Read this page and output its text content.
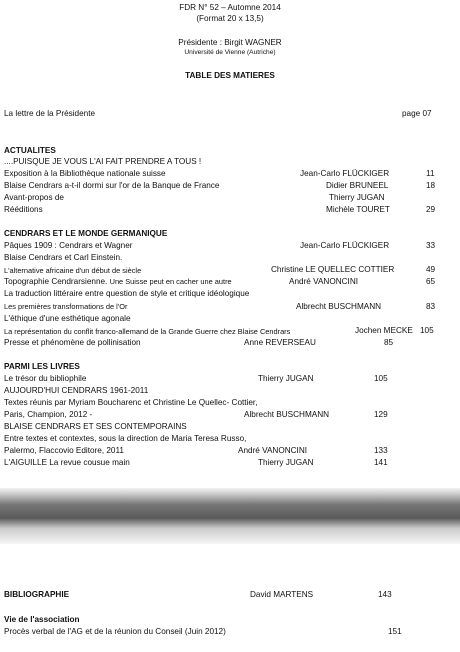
FDR N° 52 – Automne 2014
(Format 20 x 13,5)
Présidente : Birgit WAGNER
Université de Vienne (Autriche)
TABLE DES MATIERES
La lettre de la Présidente	page 07
ACTUALITES
....PUISQUE JE VOUS L'AI FAIT PRENDRE A TOUS !
Exposition à la Bibliothèque nationale suisse	Jean-Carlo FLÜCKIGER	11
Blaise Cendrars a-t-il dormi sur l'or de la Banque de France	Didier BRUNEEL	18
Avant-propos de	Thierry JUGAN
Rééditions	Michèle TOURET	29
CENDRARS ET LE MONDE GERMANIQUE
Pâques 1909 : Cendrars et Wagner	Jean-Carlo FLÜCKIGER	33
Blaise Cendrars et Carl Einstein.
L'alternative africaine d'un début de siècle	Christine LE QUELLEC COTTIER	49
Topographie Cendrarsienne. Une Suisse peut en cacher une autre	André VANONCINI	65
La traduction littéraire entre question de style et critique idéologique
Les premières transformations de l'Or	Albrecht BUSCHMANN	83
L'éthique d'une esthétique agonale
La représentation du conflit franco-allemand de la Grande Guerre chez Blaise Cendrars	Jochen MECKE 105
Presse et phénomène de pollinisation	Anne REVERSEAU	85
PARMI LES LIVRES
Le trésor du bibliophile	Thierry JUGAN	105
AUJOURD'HUI CENDRARS 1961-2011
Textes réunis par Myriam Boucharenc et Christine Le Quellec- Cottier,
Paris, Champion, 2012 -	Albrecht BUSCHMANN	129
BLAISE CENDRARS ET SES CONTEMPORAINS
Entre textes et contextes, sous la direction de Maria Teresa Russo,
Palermo, Flaccovio Editore, 2011	André VANONCINI	133
L'AIGUILLE La revue cousue main	Thierry JUGAN	141
BIBLIOGRAPHIE	David MARTENS	143
Vie de l'association
Procès verbal de l'AG et de la réunion du Conseil (Juin 2012)	151
